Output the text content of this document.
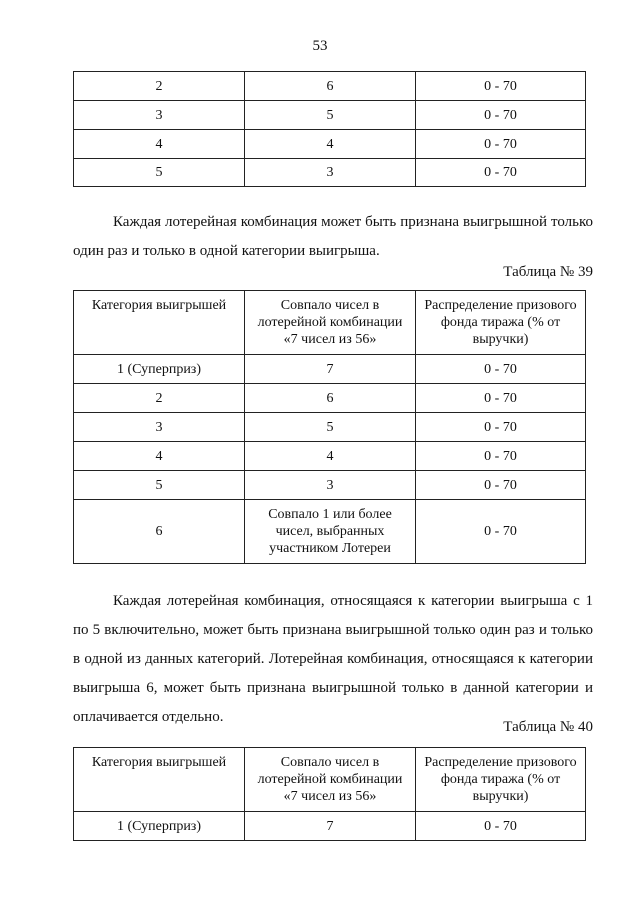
53
2	6	0 - 70
3	5	0 - 70
4	4	0 - 70
5	3	0 - 70

Каждая лотерейная комбинация может быть признана выигрышной только один раз и только в одной категории выигрыша.

Таблица № 39
Категория выигрышей	Совпало чисел в лотерейной комбинации «7 чисел из 56»	Распределение призового фонда тиража (% от выручки)
1 (Суперприз)	7	0 - 70
2	6	0 - 70
3	5	0 - 70
4	4	0 - 70
5	3	0 - 70
6	Совпало 1 или более чисел, выбранных участником Лотереи	0 - 70

Каждая лотерейная комбинация, относящаяся к категории выигрыша с 1 по 5 включительно, может быть признана выигрышной только один раз и только в одной из данных категорий. Лотерейная комбинация, относящаяся к категории выигрыша 6, может быть признана выигрышной только в данной категории и оплачивается отдельно.

Таблица № 40
Категория выигрышей	Совпало чисел в лотерейной комбинации «7 чисел из 56»	Распределение призового фонда тиража (% от выручки)
1 (Суперприз)	7	0 - 70
